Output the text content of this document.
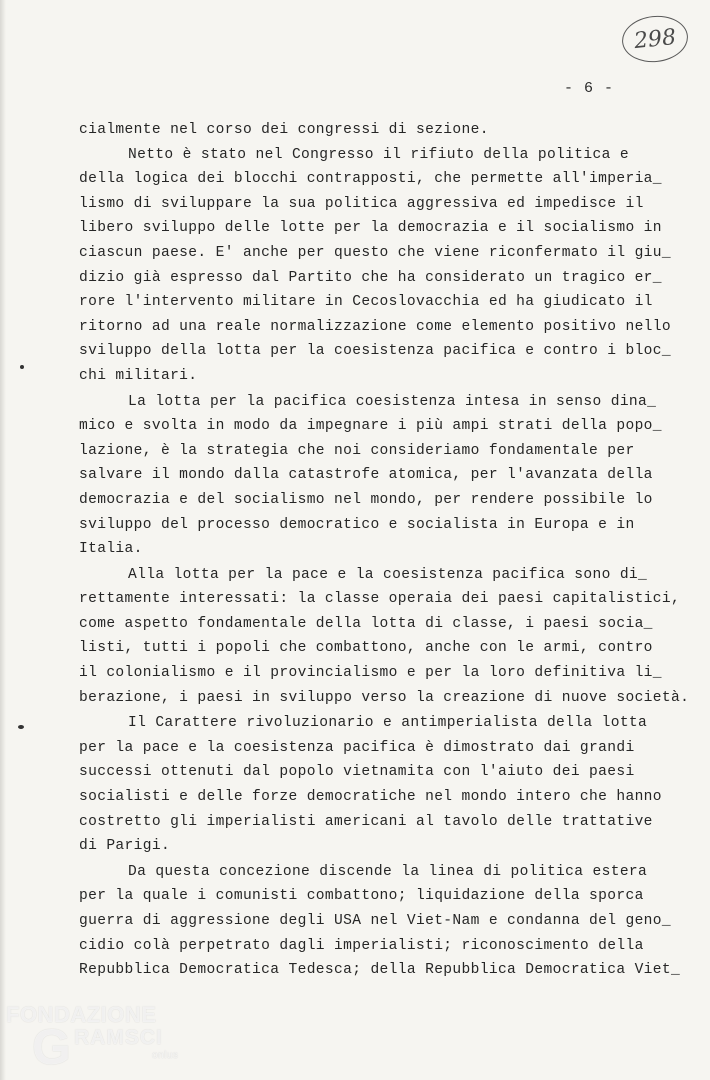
298
- 6 -
cialmente nel corso dei congressi di sezione.
Netto è stato nel Congresso il rifiuto della politica e
della logica dei blocchi contrapposti, che permette all'imperia_
lismo di sviluppare la sua politica aggressiva ed impedisce il
libero sviluppo delle lotte per la democrazia e il socialismo in
ciascun paese. E' anche per questo che viene riconfermato il giu_
dizio già espresso dal Partito che ha considerato un tragico er_
rore l'intervento militare in Cecoslovacchia ed ha giudicato il
ritorno ad una reale normalizzazione come elemento positivo nello
sviluppo della lotta per la coesistenza pacifica e contro i bloc_
chi militari.
La lotta per la pacifica coesistenza intesa in senso dina_
mico e svolta in modo da impegnare i più ampi strati della popo_
lazione, è la strategia che noi consideriamo fondamentale per
salvare il mondo dalla catastrofe atomica, per l'avanzata della
democrazia e del socialismo nel mondo, per rendere possibile lo
sviluppo del processo democratico e socialista in Europa e in
Italia.
Alla lotta per la pace e la coesistenza pacifica sono di_
rettamente interessati: la classe operaia dei paesi capitalistici,
come aspetto fondamentale della lotta di classe, i paesi socia_
listi, tutti i popoli che combattono, anche con le armi, contro
il colonialismo e il provincialismo e per la loro definitiva li_
berazione, i paesi in sviluppo verso la creazione di nuove società.
Il Carattere rivoluzionario e antimperialista della lotta
per la pace e la coesistenza pacifica è dimostrato dai grandi
successi ottenuti dal popolo vietnamita con l'aiuto dei paesi
socialisti e delle forze democratiche nel mondo intero che hanno
costretto gli imperialisti americani al tavolo delle trattative
di Parigi.
Da questa concezione discende la linea di politica estera
per la quale i comunisti combattono; liquidazione della sporca
guerra di aggressione degli USA nel Viet-Nam e condanna del geno_
cidio colà perpetrato dagli imperialisti; riconoscimento della
Repubblica Democratica Tedesca; della Repubblica Democratica Viet_
FONDAZIONE
G RAMSCI
onlus
